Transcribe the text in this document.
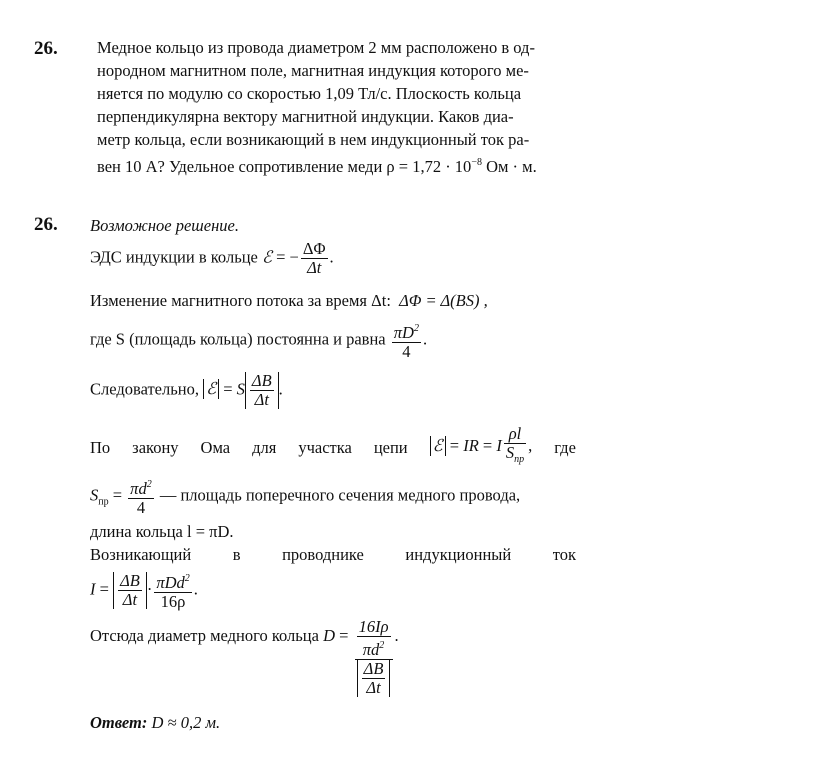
26. Медное кольцо из провода диаметром 2 мм расположено в од-
нородном магнитном поле, магнитная индукция которого ме-
няется по модулю со скоростью 1,09 Тл/с. Плоскость кольца
перпендикулярна вектору магнитной индукции. Каков диа-
метр кольца, если возникающий в нем индукционный ток ра-
вен 10 А? Удельное сопротивление меди $\rho = 1,72 \cdot 10^{-8}$ Ом · м.
26. Возможное решение.
ЭДС индукции в кольце ℰ = − $\frac{\Delta\Phi}{\Delta t}$ .
Изменение магнитного потока за время Δt: ΔΦ = Δ(BS) ,
где S (площадь кольца) постоянна и равна $\frac{\pi D^2}{4}$ .
Следовательно, ℰ = S $\frac{\Delta B}{\Delta t}$ .
По закону Ома для участка цепи ℰ = IR = I $\frac{\rho l}{S_{пр}}$ , где
$S_{пр} = \frac{\pi d^2}{4}$ — площадь поперечного сечения медного провода,
длина кольца l = πD.
Возникающий	в	проводнике	индукционный	ток
$I = \frac{\Delta B}{\Delta t} \cdot \frac{\pi Dd^2}{16\rho}$ .
Отсюда диаметр медного кольца $D = \frac{\frac{16I\rho}{\pi d^2}}{\frac{\Delta B}{\Delta t}}$ .
Ответ: D ≈ 0,2 м.
